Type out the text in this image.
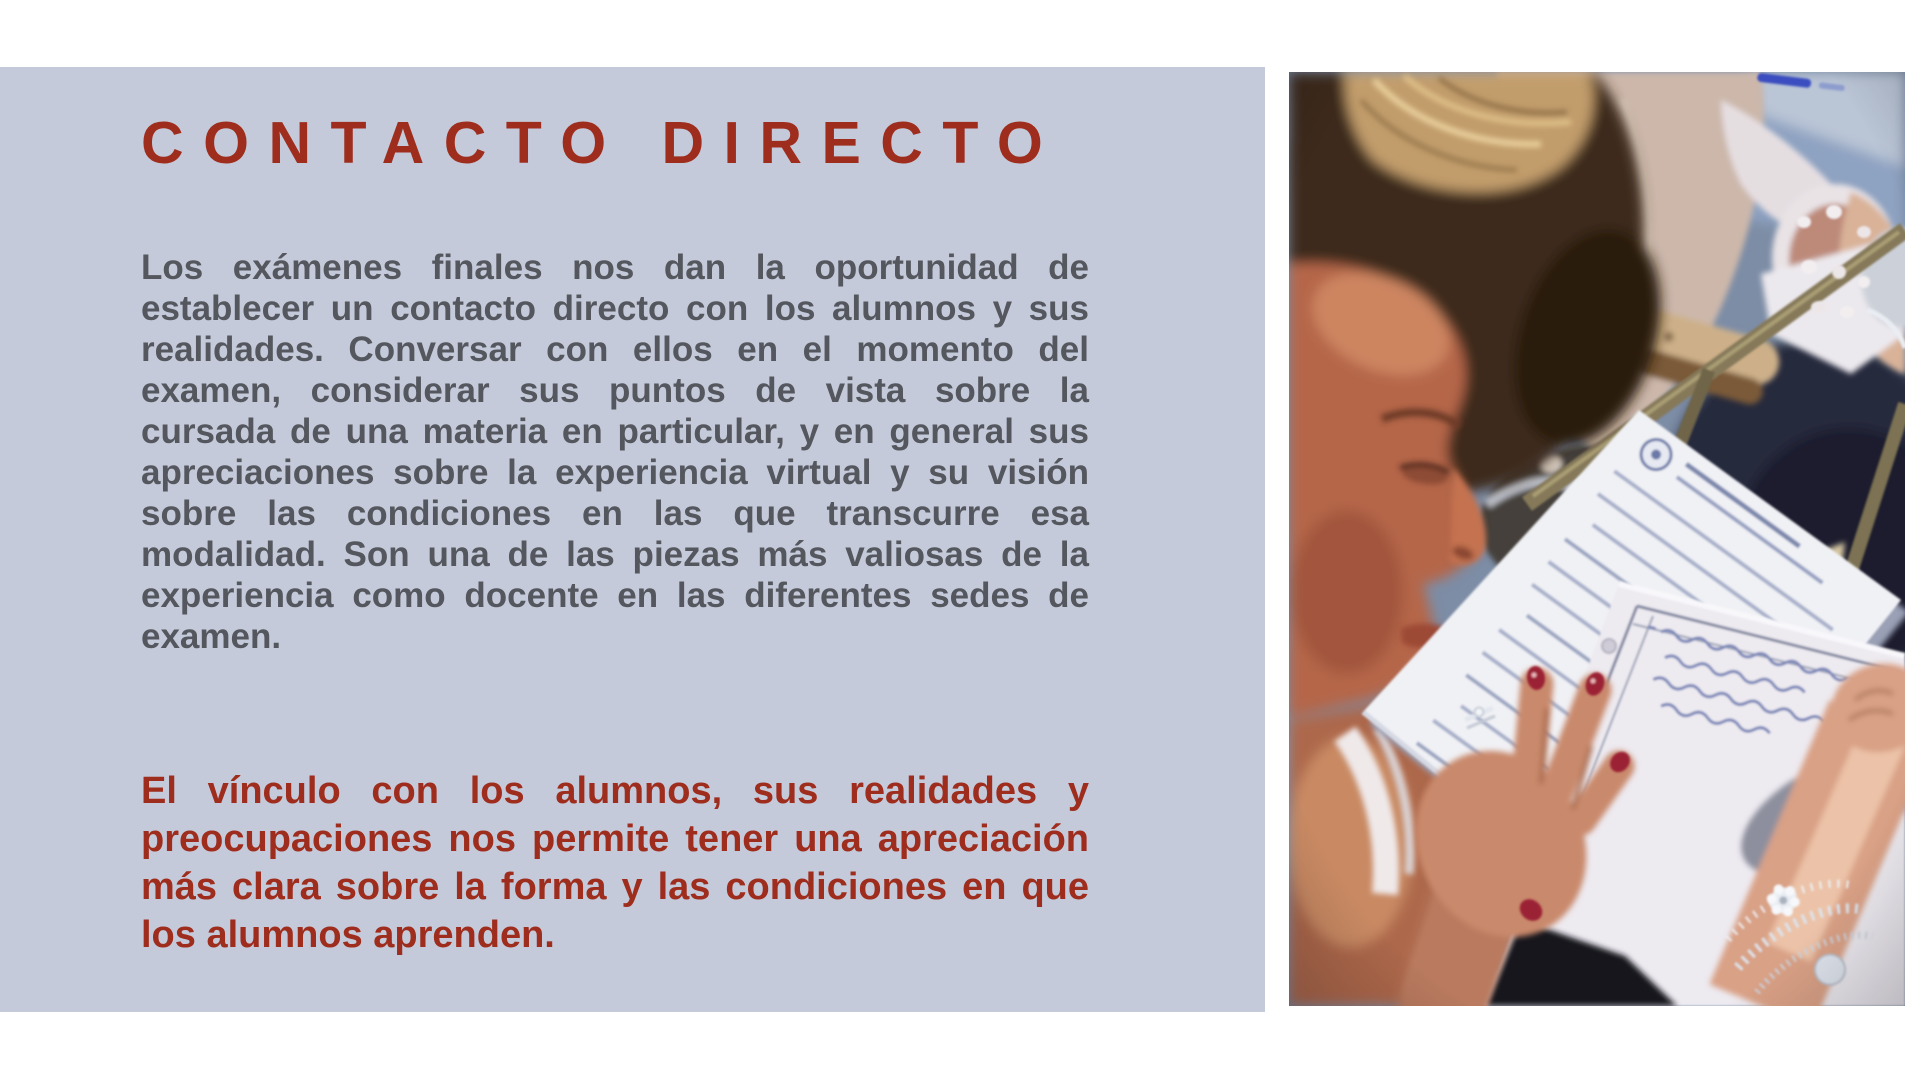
CONTACTO DIRECTO

Los exámenes finales nos dan la oportunidad de establecer un contacto directo con los alumnos y sus realidades. Conversar con ellos en el momento del examen, considerar sus puntos de vista sobre la cursada de una materia en particular, y en general sus apreciaciones sobre la experiencia virtual y su visión sobre las condiciones en las que transcurre esa modalidad. Son una de las piezas más valiosas de la experiencia como docente en las diferentes sedes de examen.

El vínculo con los alumnos, sus realidades y preocupaciones nos permite tener una apreciación más clara sobre la forma y las condiciones en que los alumnos aprenden.
